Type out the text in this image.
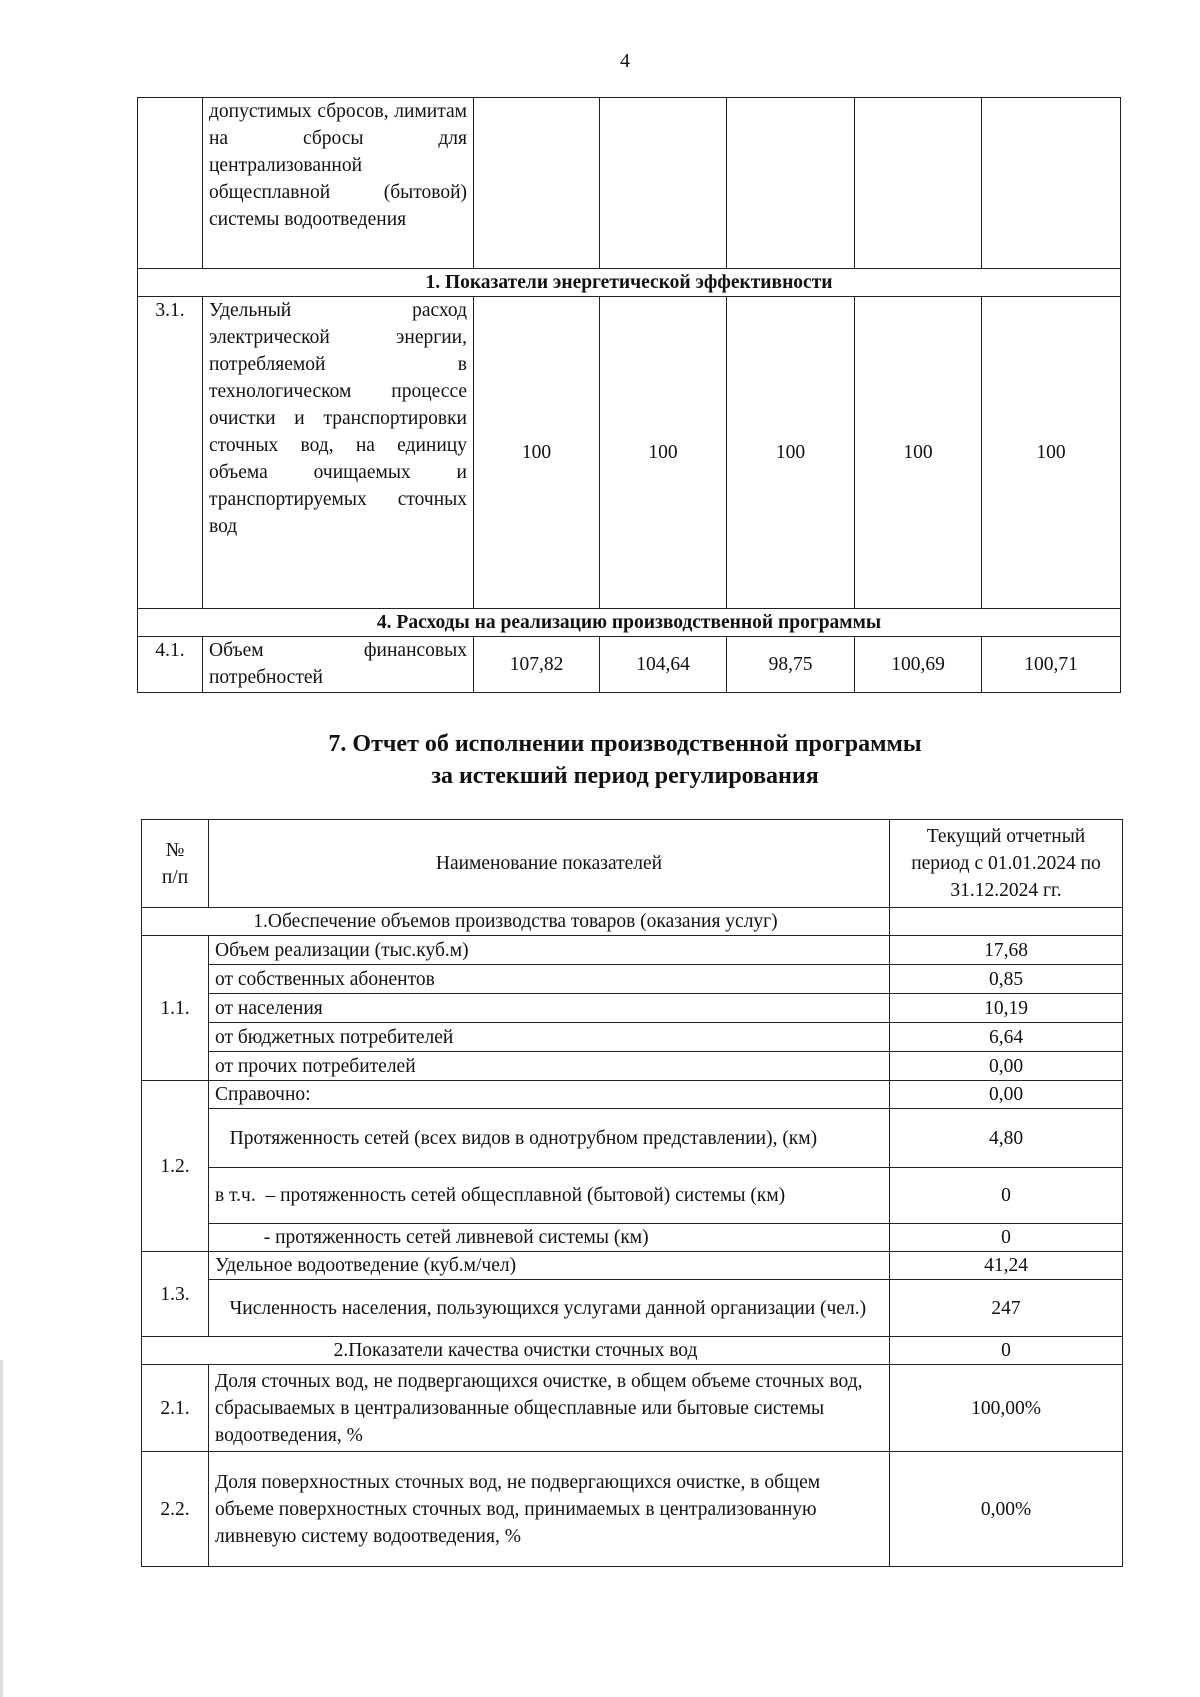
4
	допустимых сбросов, лимитам на сбросы для централизованной общесплавной (бытовой) системы водоотведения					
1. Показатели энергетической эффективности						
3.1.	Удельный расход электрической энергии, потребляемой в технологическом процессе очистки и транспортировки сточных вод, на единицу объема очищаемых и транспортируемых сточных вод	100	100	100	100	100
4. Расходы на реализацию производственной программы						
4.1.	Объем финансовых потребностей	107,82	104,64	98,75	100,69	100,71
7. Отчет об исполнении производственной программы
за истекший период регулирования
№ п/п	Наименование показателей	Текущий отчетный период с 01.01.2024 по 31.12.2024 гг.
1.Обеспечение объемов производства товаров (оказания услуг)		
1.1.	Объем реализации (тыс.куб.м)	17,68
	от собственных абонентов	0,85
	от населения	10,19
	от бюджетных потребителей	6,64
	от прочих потребителей	0,00
1.2.	Справочно:	0,00
	Протяженность сетей (всех видов в однотрубном представлении), (км)	4,80
	в т.ч.  – протяженность сетей общесплавной (бытовой) системы (км)	0
	- протяженность сетей ливневой системы (км)	0
1.3.	Удельное водоотведение (куб.м/чел)	41,24
	Численность населения, пользующихся услугами данной организации (чел.)	247
2.Показатели качества очистки сточных вод		0
2.1.	Доля сточных вод, не подвергающихся очистке, в общем объеме сточных вод, сбрасываемых в централизованные общесплавные или бытовые системы водоотведения, %	100,00%
2.2.	Доля поверхностных сточных вод, не подвергающихся очистке, в общем объеме поверхностных сточных вод, принимаемых в централизованную ливневую систему водоотведения, %	0,00%
